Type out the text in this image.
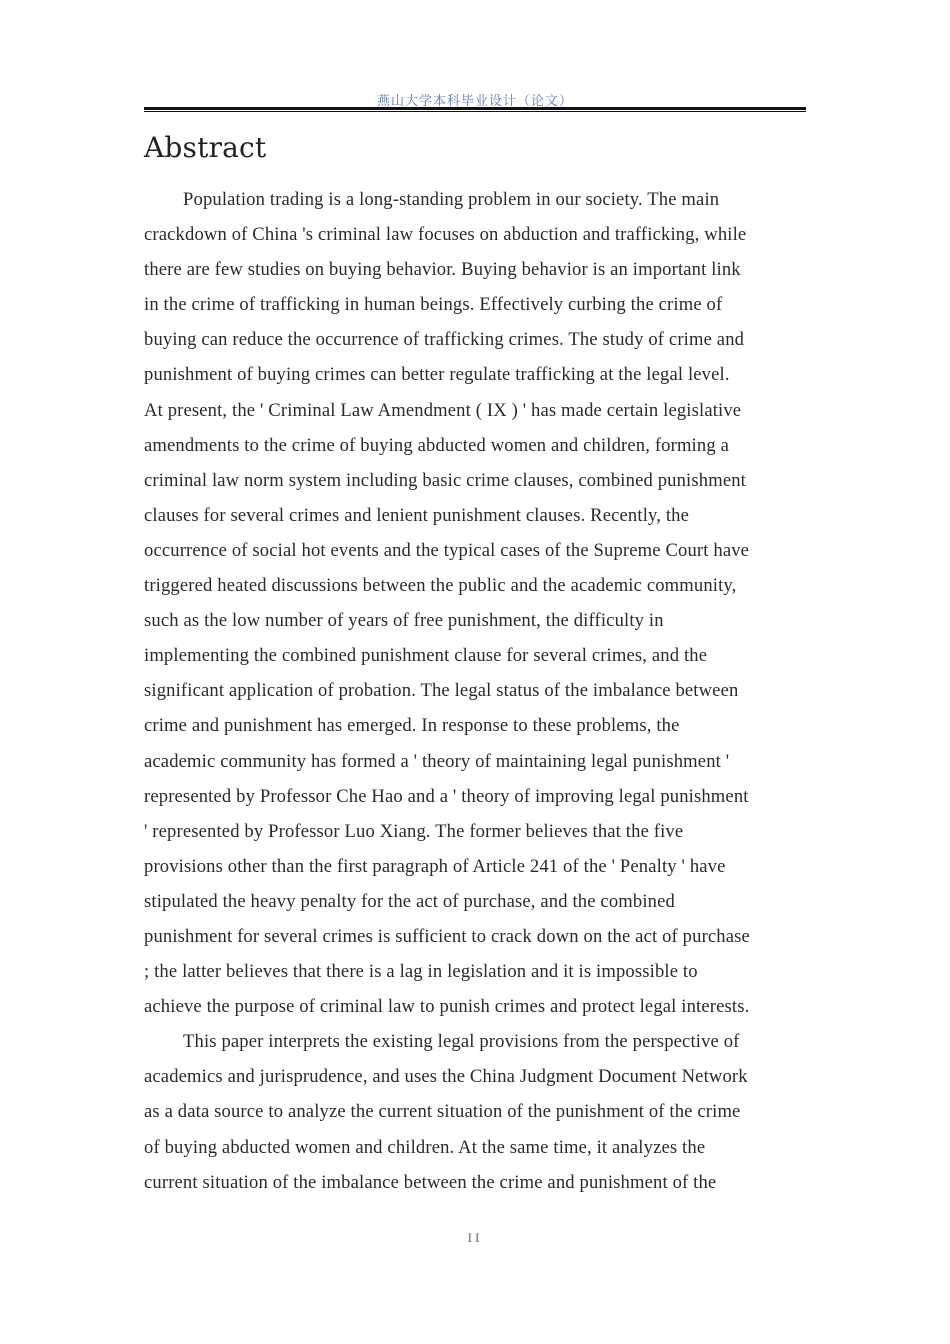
燕山大学本科毕业设计（论文）
Abstract

Population trading is a long-standing problem in our society. The main
crackdown of China 's criminal law focuses on abduction and trafficking, while
there are few studies on buying behavior. Buying behavior is an important link
in the crime of trafficking in human beings. Effectively curbing the crime of
buying can reduce the occurrence of trafficking crimes. The study of crime and
punishment of buying crimes can better regulate trafficking at the legal level.
At present, the ' Criminal Law Amendment ( IX ) ' has made certain legislative
amendments to the crime of buying abducted women and children, forming a
criminal law norm system including basic crime clauses, combined punishment
clauses for several crimes and lenient punishment clauses. Recently, the
occurrence of social hot events and the typical cases of the Supreme Court have
triggered heated discussions between the public and the academic community,
such as the low number of years of free punishment, the difficulty in
implementing the combined punishment clause for several crimes, and the
significant application of probation. The legal status of the imbalance between
crime and punishment has emerged. In response to these problems, the
academic community has formed a ' theory of maintaining legal punishment '
represented by Professor Che Hao and a ' theory of improving legal punishment
' represented by Professor Luo Xiang. The former believes that the five
provisions other than the first paragraph of Article 241 of the ' Penalty ' have
stipulated the heavy penalty for the act of purchase, and the combined
punishment for several crimes is sufficient to crack down on the act of purchase
; the latter believes that there is a lag in legislation and it is impossible to
achieve the purpose of criminal law to punish crimes and protect legal interests.

This paper interprets the existing legal provisions from the perspective of
academics and jurisprudence, and uses the China Judgment Document Network
as a data source to analyze the current situation of the punishment of the crime
of buying abducted women and children. At the same time, it analyzes the
current situation of the imbalance between the crime and punishment of the

II
